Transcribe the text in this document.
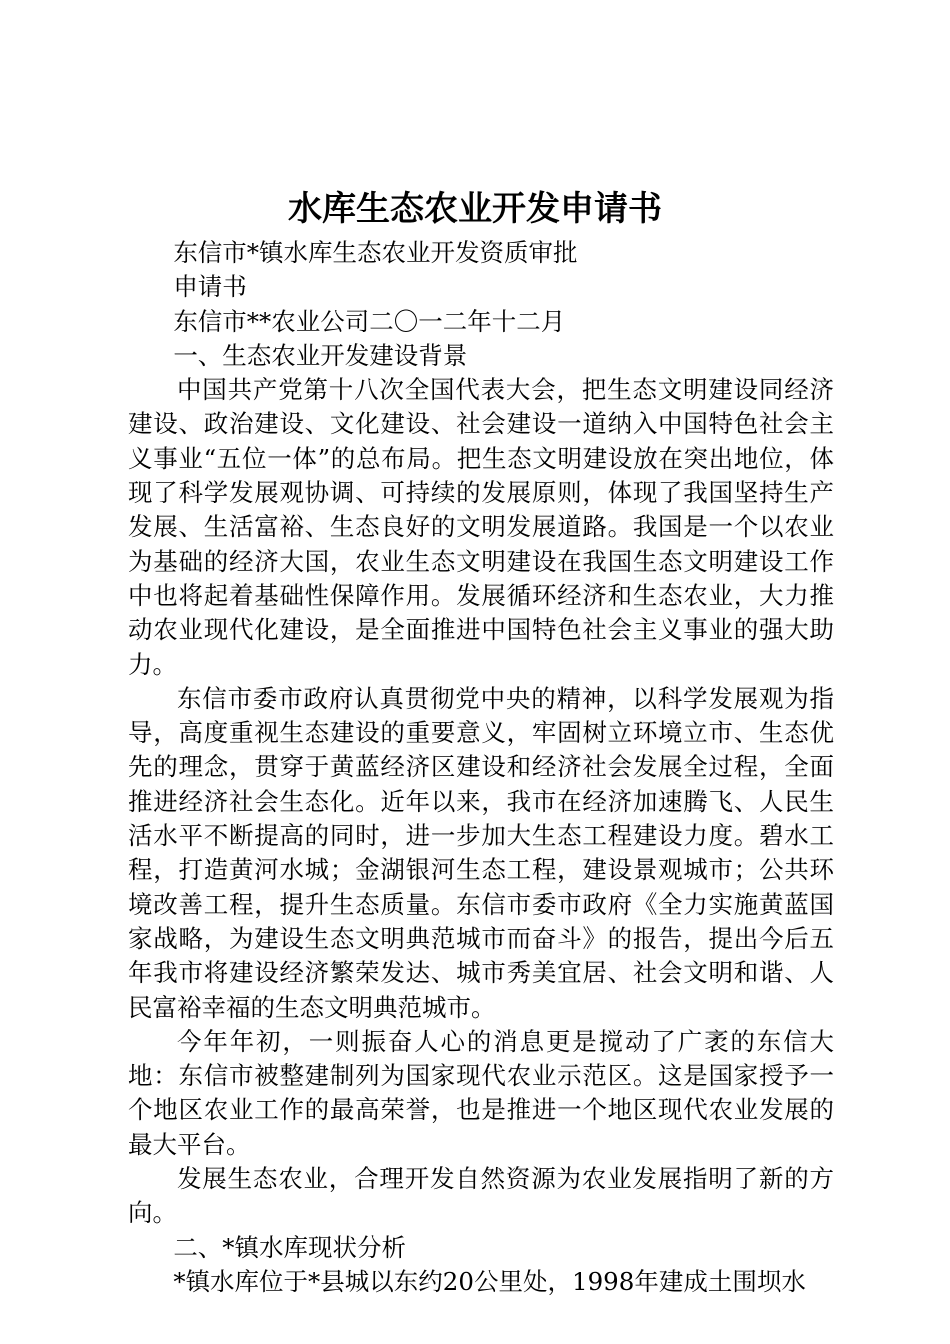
水库生态农业开发申请书

东信市*镇水库生态农业开发资质审批

申请书

东信市**农业公司二〇一二年十二月

一、生态农业开发建设背景

中国共产党第十八次全国代表大会，把生态文明建设同经济建设、政治建设、文化建设、社会建设一道纳入中国特色社会主义事业“五位一体”的总布局。把生态文明建设放在突出地位，体现了科学发展观协调、可持续的发展原则，体现了我国坚持生产发展、生活富裕、生态良好的文明发展道路。我国是一个以农业为基础的经济大国，农业生态文明建设在我国生态文明建设工作中也将起着基础性保障作用。发展循环经济和生态农业，大力推动农业现代化建设，是全面推进中国特色社会主义事业的强大助力。

东信市委市政府认真贯彻党中央的精神，以科学发展观为指导，高度重视生态建设的重要意义，牢固树立环境立市、生态优先的理念，贯穿于黄蓝经济区建设和经济社会发展全过程，全面推进经济社会生态化。近年以来，我市在经济加速腾飞、人民生活水平不断提高的同时，进一步加大生态工程建设力度。碧水工程，打造黄河水城；金湖银河生态工程，建设景观城市；公共环境改善工程，提升生态质量。东信市委市政府《全力实施黄蓝国家战略，为建设生态文明典范城市而奋斗》的报告，提出今后五年我市将建设经济繁荣发达、城市秀美宜居、社会文明和谐、人民富裕幸福的生态文明典范城市。

今年年初，一则振奋人心的消息更是搅动了广袤的东信大地：东信市被整建制列为国家现代农业示范区。这是国家授予一个地区农业工作的最高荣誉，也是推进一个地区现代农业发展的最大平台。

发展生态农业，合理开发自然资源为农业发展指明了新的方向。

二、*镇水库现状分析

*镇水库位于*县城以东约20公里处，1998年建成土围坝水
